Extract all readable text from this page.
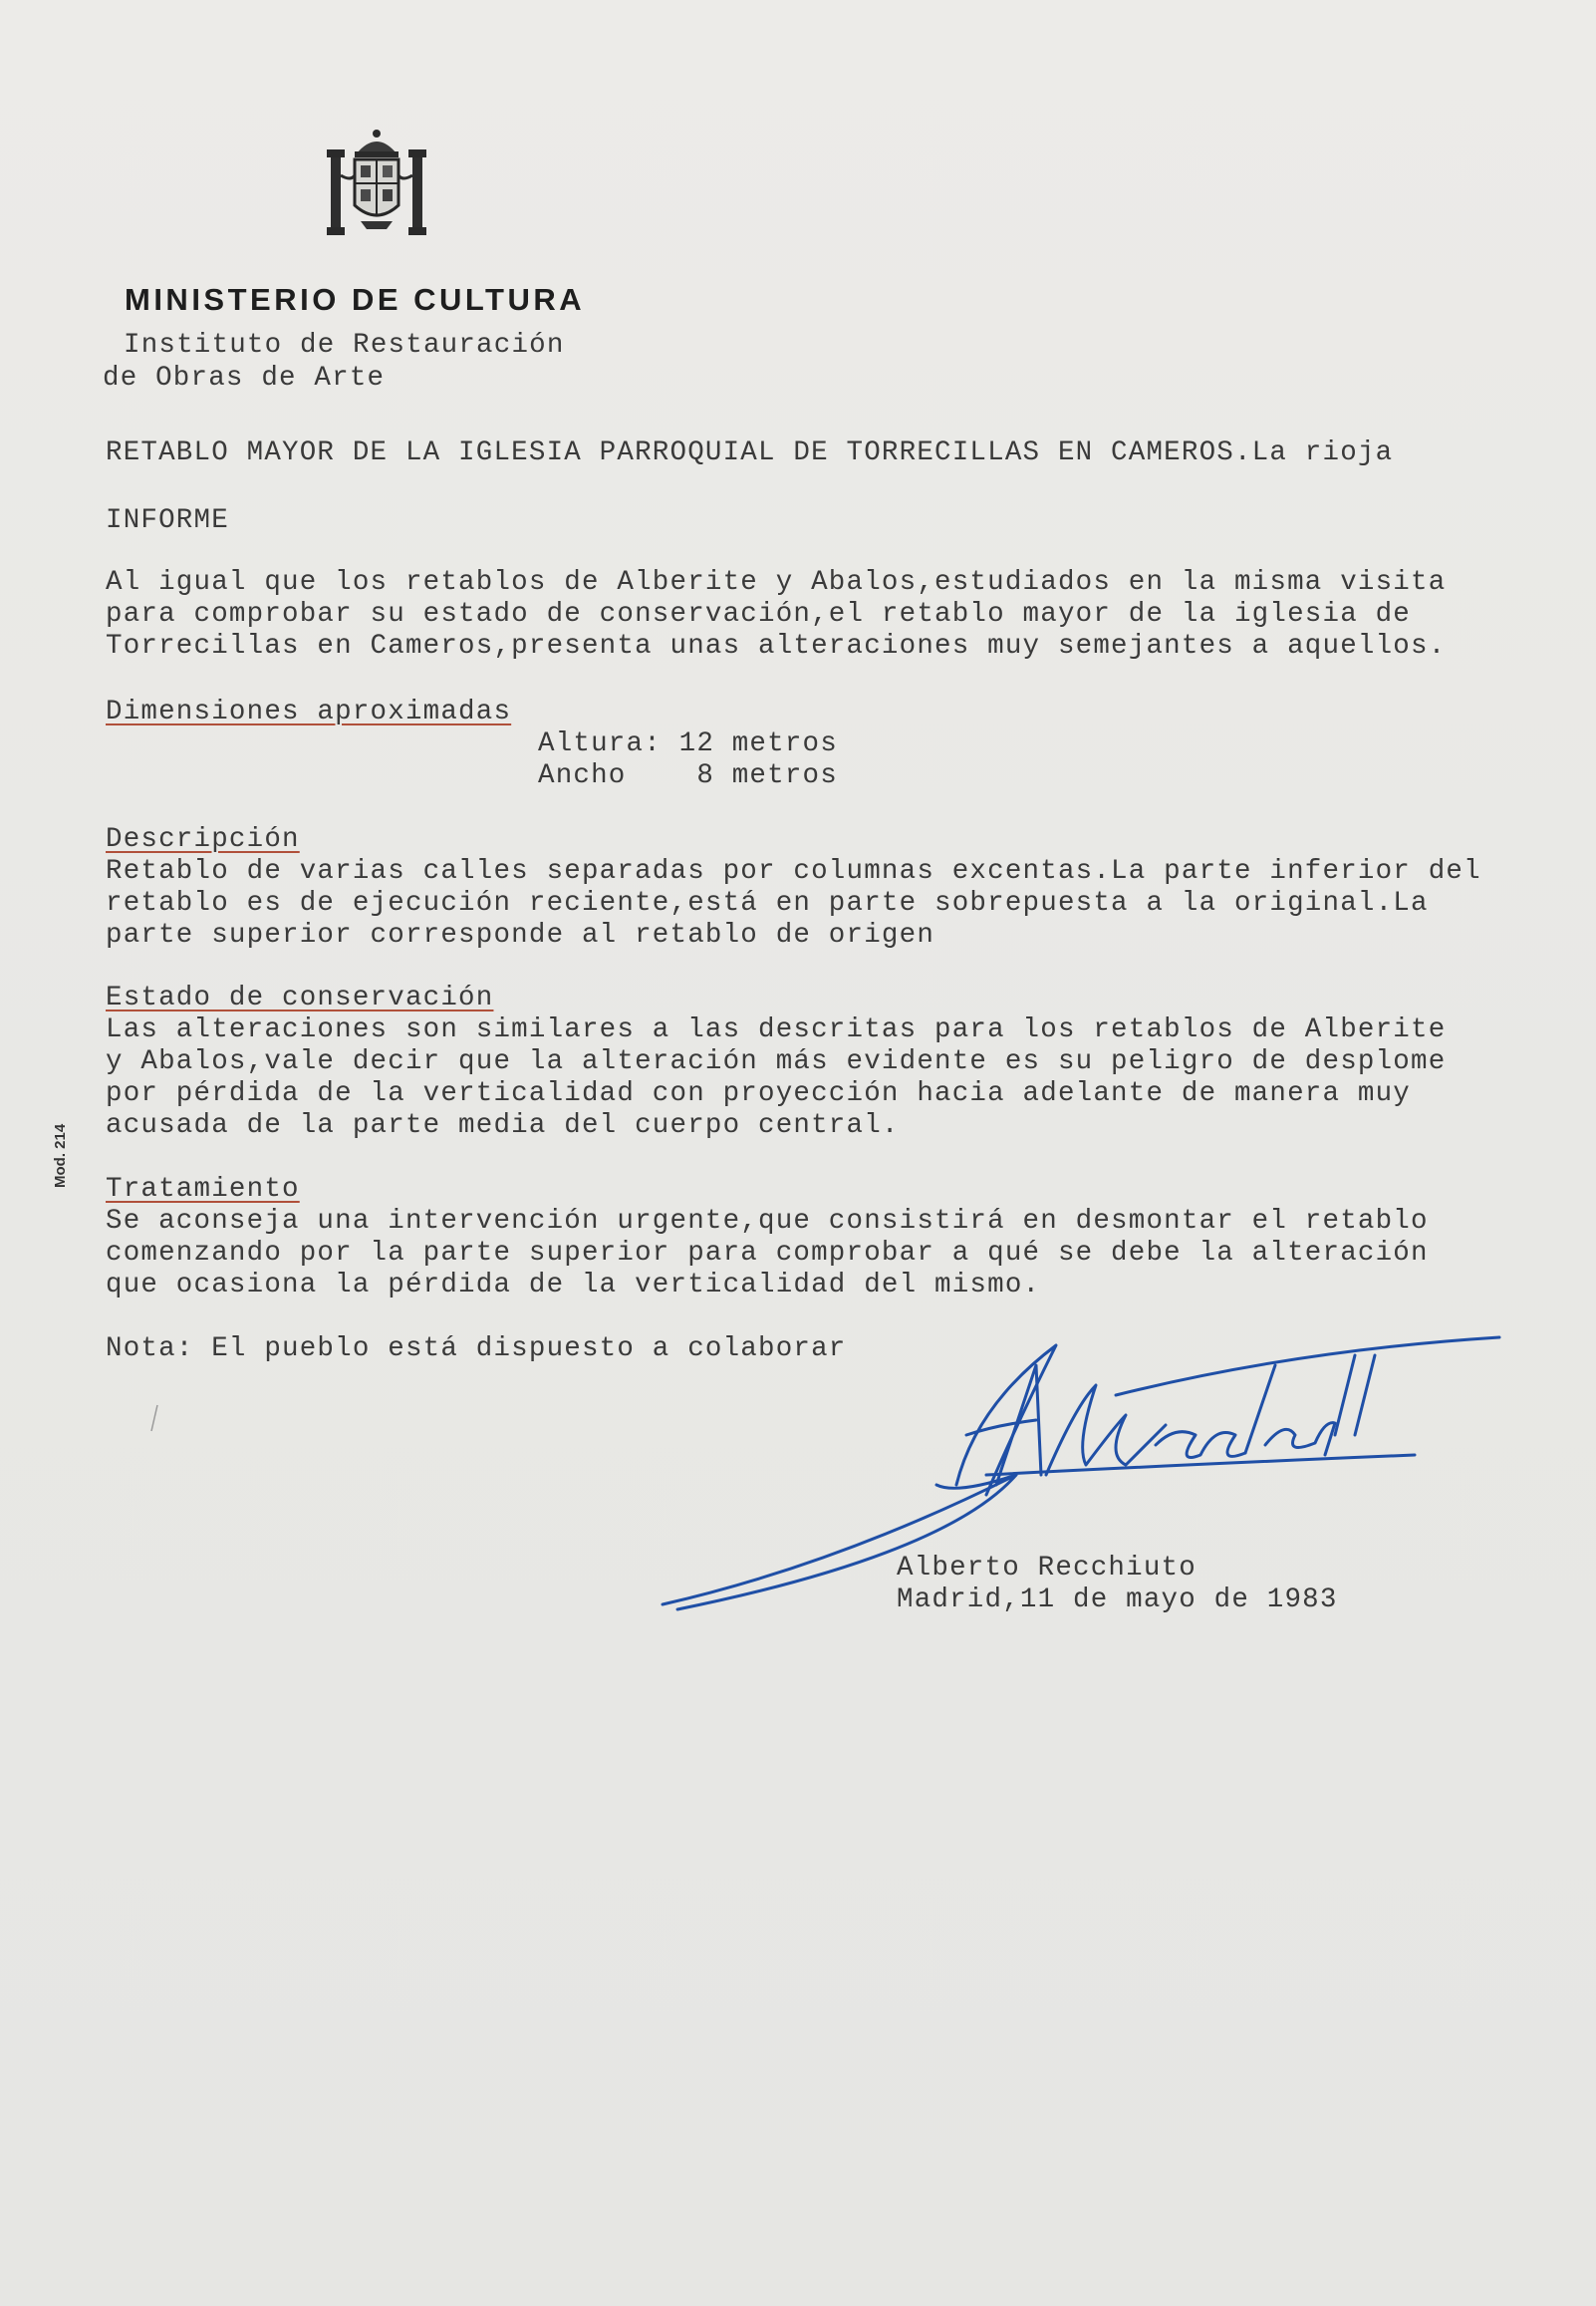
MINISTERIO DE CULTURA
Instituto de Restauración
de Obras de Arte
RETABLO MAYOR DE LA IGLESIA PARROQUIAL DE TORRECILLAS EN CAMEROS.La rioja
INFORME
Al igual que los retablos de Alberite y Abalos,estudiados en la misma visita
para comprobar su estado de conservación,el retablo mayor de la iglesia de
Torrecillas en Cameros,presenta unas alteraciones muy semejantes a aquellos.
Dimensiones aproximadas
Altura: 12 metros
Ancho    8 metros
Descripción
Retablo de varias calles separadas por columnas excentas.La parte inferior del
retablo es de ejecución reciente,está en parte sobrepuesta a la original.La
parte superior corresponde al retablo de origen
Estado de conservación
Las alteraciones son similares a las descritas para los retablos de Alberite
y Abalos,vale decir que la alteración más evidente es su peligro de desplome
por pérdida de la verticalidad con proyección hacia adelante de manera muy
acusada de la parte media del cuerpo central.
Tratamiento
Se aconseja una intervención urgente,que consistirá en desmontar el retablo
comenzando por la parte superior para comprobar a qué se debe la alteración
que ocasiona la pérdida de la verticalidad del mismo.
Nota: El pueblo está dispuesto a colaborar
Mod. 214
Alberto Recchiuto
Madrid,11 de mayo de 1983
